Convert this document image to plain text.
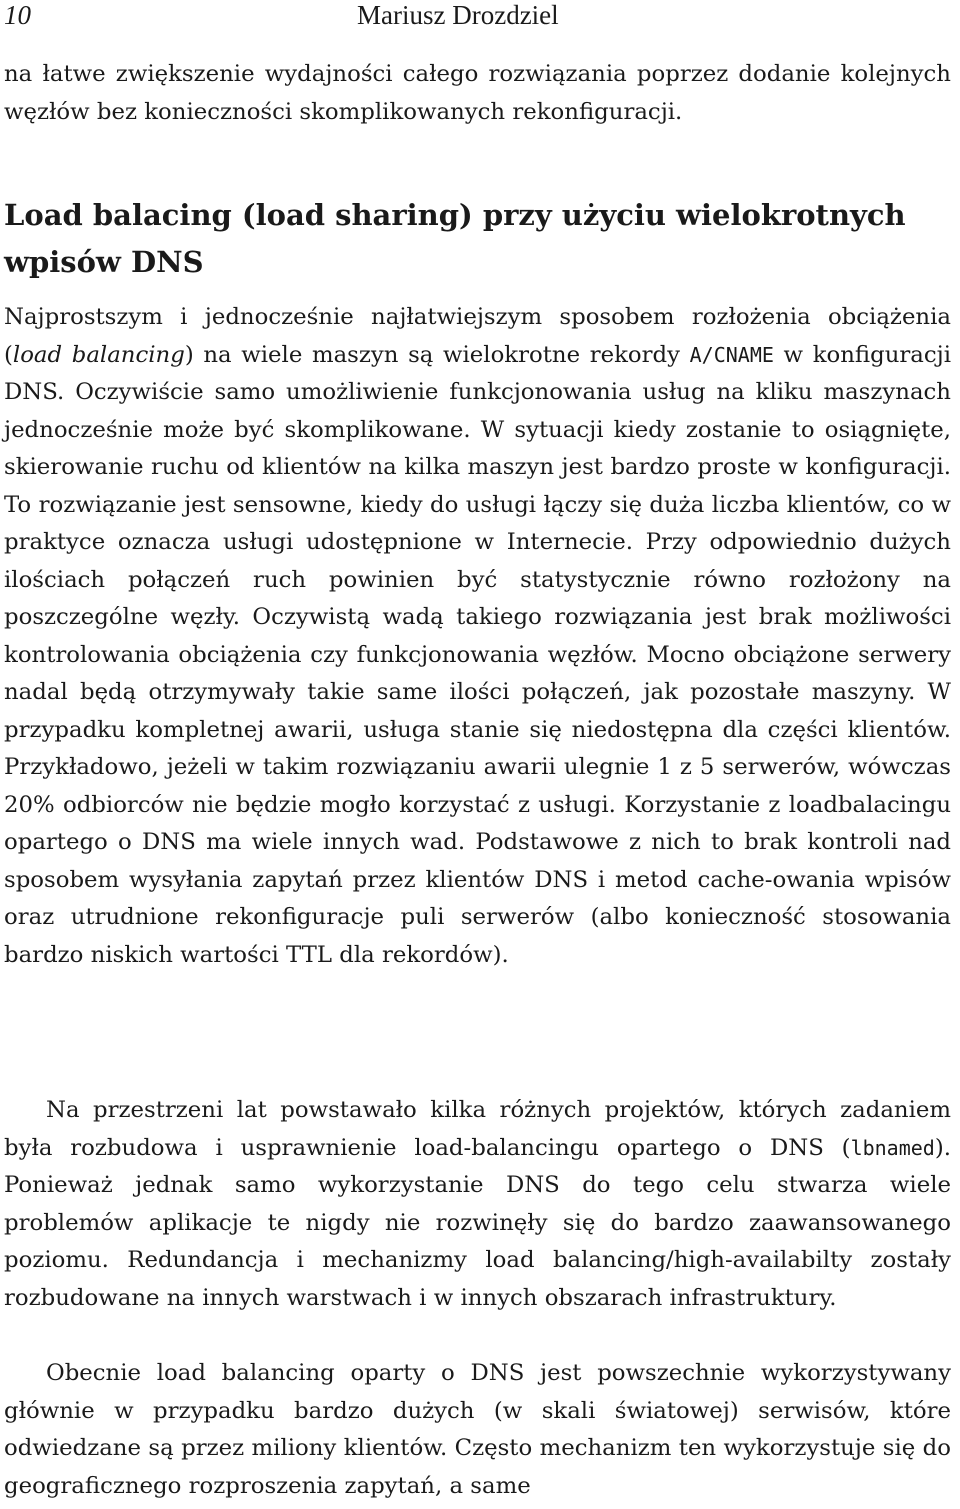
10	Mariusz Drozdziel

na łatwe zwiększenie wydajności całego rozwiązania poprzez dodanie kolejnych węzłów bez konieczności skomplikowanych rekonfiguracji.

Load balacing (load sharing) przy użyciu wielokrotnych wpisów DNS

Najprostszym i jednocześnie najłatwiejszym sposobem rozłożenia obciążenia (load balancing) na wiele maszyn są wielokrotne rekordy A/CNAME w konfiguracji DNS. Oczywiście samo umożliwienie funkcjonowania usług na kliku maszynach jednocześnie może być skomplikowane. W sytuacji kiedy zostanie to osiągnięte, skierowanie ruchu od klientów na kilka maszyn jest bardzo proste w konfiguracji. To rozwiązanie jest sensowne, kiedy do usługi łączy się duża liczba klientów, co w praktyce oznacza usługi udostępnione w Internecie. Przy odpowiednio dużych ilościach połączeń ruch powinien być statystycznie równo rozłożony na poszczególne węzły. Oczywistą wadą takiego rozwiązania jest brak możliwości kontrolowania obciążenia czy funkcjonowania węzłów. Mocno obciążone serwery nadal będą otrzymywały takie same ilości połączeń, jak pozostałe maszyny. W przypadku kompletnej awarii, usługa stanie się niedostępna dla części klientów. Przykładowo, jeżeli w takim rozwiązaniu awarii ulegnie 1 z 5 serwerów, wówczas 20% odbiorców nie będzie mogło korzystać z usługi. Korzystanie z loadbalacingu opartego o DNS ma wiele innych wad. Podstawowe z nich to brak kontroli nad sposobem wysyłania zapytań przez klientów DNS i metod cache-owania wpisów oraz utrudnione rekonfiguracje puli serwerów (albo konieczność stosowania bardzo niskich wartości TTL dla rekordów).

Na przestrzeni lat powstawało kilka różnych projektów, których zadaniem była rozbudowa i usprawnienie load-balancingu opartego o DNS (lbnamed). Ponieważ jednak samo wykorzystanie DNS do tego celu stwarza wiele problemów aplikacje te nigdy nie rozwinęły się do bardzo zaawansowanego poziomu. Redundancja i mechanizmy load balancing/high-availabilty zostały rozbudowane na innych warstwach i w innych obszarach infrastruktury.

Obecnie load balancing oparty o DNS jest powszechnie wykorzystywany głównie w przypadku bardzo dużych (w skali światowej) serwisów, które odwiedzane są przez miliony klientów. Często mechanizm ten wykorzystuje się do geograficznego rozproszenia zapytań, a same
